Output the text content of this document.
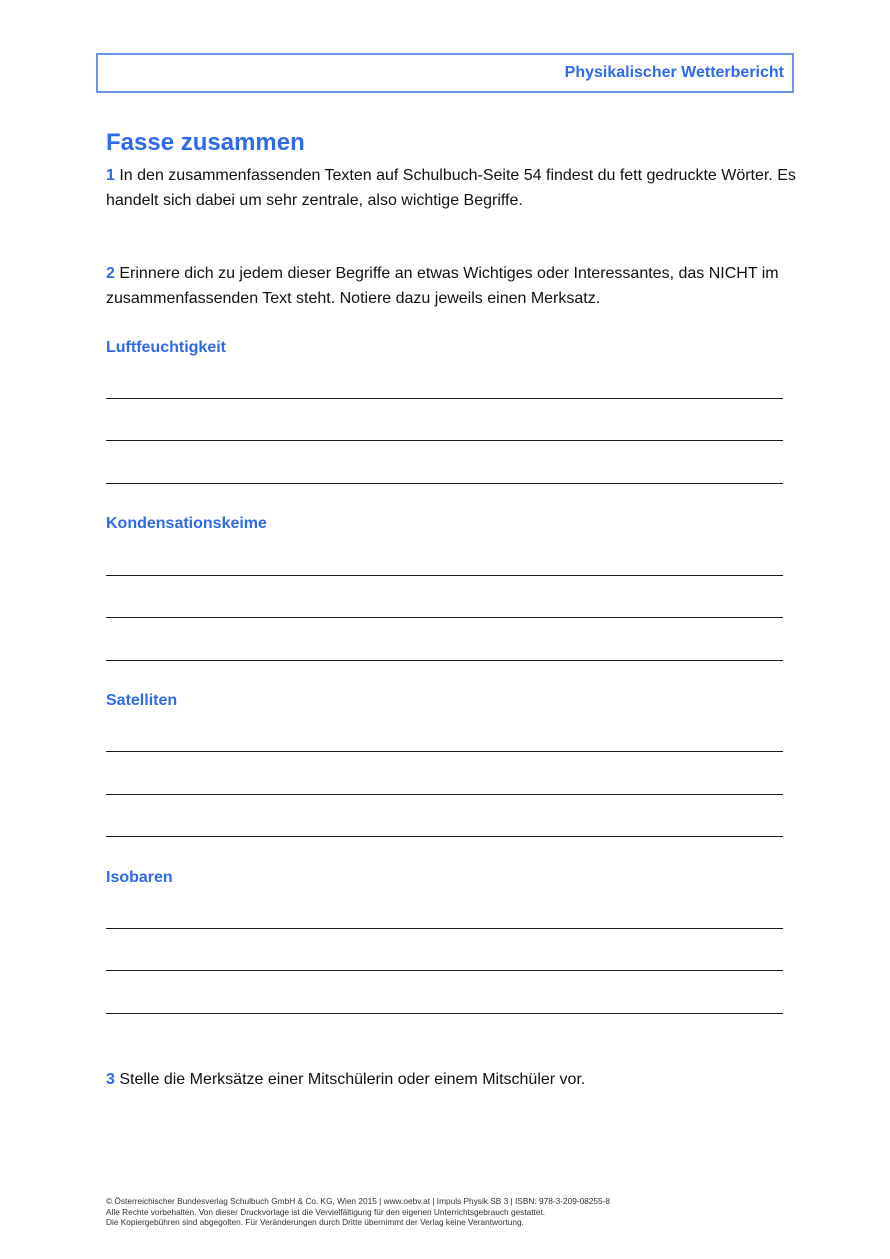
Physikalischer Wetterbericht
Fasse zusammen

1 In den zusammenfassenden Texten auf Schulbuch-Seite 54 findest du fett gedruckte Wörter. Es handelt sich dabei um sehr zentrale, also wichtige Begriffe.

2 Erinnere dich zu jedem dieser Begriffe an etwas Wichtiges oder Interessantes, das NICHT im zusammenfassenden Text steht. Notiere dazu jeweils einen Merksatz.

Luftfeuchtigkeit
Kondensationskeime
Satelliten
Isobaren

3 Stelle die Merksätze einer Mitschülerin oder einem Mitschüler vor.

© Österreichischer Bundesverlag Schulbuch GmbH & Co. KG, Wien 2015 | www.oebv.at | Impuls Physik SB 3 | ISBN: 978-3-209-08255-8
Alle Rechte vorbehalten. Von dieser Druckvorlage ist die Vervielfältigung für den eigenen Unterrichtsgebrauch gestattet.
Die Kopiergebühren sind abgegolten. Für Veränderungen durch Dritte übernimmt der Verlag keine Verantwortung.
